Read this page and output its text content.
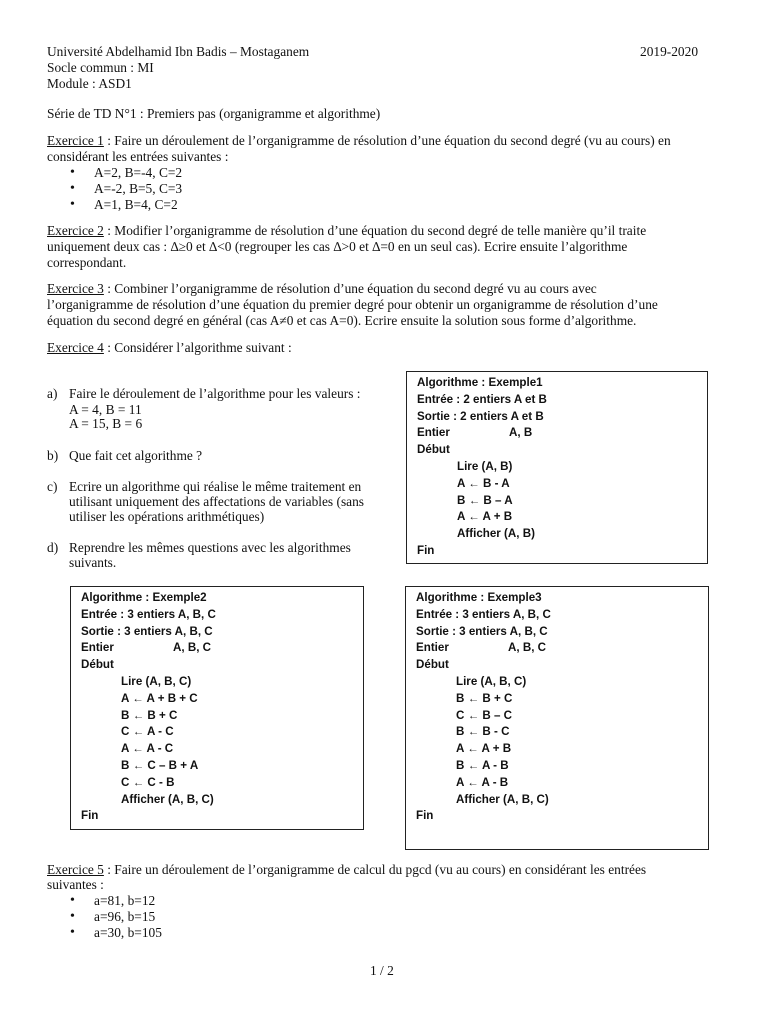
Université Abdelhamid Ibn Badis – Mostaganem	2019-2020
Socle commun : MI
Module : ASD1
Série de TD N°1 : Premiers pas (organigramme et algorithme)
Exercice 1 : Faire un déroulement de l’organigramme de résolution d’une équation du second degré (vu au cours) en
considérant les entrées suivantes :
• A=2, B=-4, C=2
• A=-2, B=5, C=3
• A=1, B=4, C=2
Exercice 2 : Modifier l’organigramme de résolution d’une équation du second degré de telle manière qu’il traite
uniquement deux cas : ∆≥0 et ∆<0 (regrouper les cas ∆>0 et ∆=0 en un seul cas). Ecrire ensuite l’algorithme
correspondant.
Exercice 3 : Combiner l’organigramme de résolution d’une équation du second degré vu au cours avec
l’organigramme de résolution d’une équation du premier degré pour obtenir un organigramme de résolution d’une
équation du second degré en général (cas A≠0 et cas A=0). Ecrire ensuite la solution sous forme d’algorithme.
Exercice 4 : Considérer l’algorithme suivant :
a) Faire le déroulement de l’algorithme pour les valeurs :
A = 4, B = 11
A = 15, B = 6
b) Que fait cet algorithme ?
c) Ecrire un algorithme qui réalise le même traitement en
utilisant uniquement des affectations de variables (sans
utiliser les opérations arithmétiques)
d) Reprendre les mêmes questions avec les algorithmes
suivants.
Algorithme : Exemple1
Entrée : 2 entiers A et B
Sortie : 2 entiers A et B
Entier	A, B
Début
Lire (A, B)
A ← B - A
B ← B – A
A ← A + B
Afficher (A, B)
Fin
Algorithme : Exemple2
Entrée : 3 entiers A, B, C
Sortie : 3 entiers A, B, C
Entier	A, B, C
Début
Lire (A, B, C)
A ← A + B + C
B ← B + C
C ← A - C
A ← A - C
B ← C – B + A
C ← C - B
Afficher (A, B, C)
Fin
Algorithme : Exemple3
Entrée : 3 entiers A, B, C
Sortie : 3 entiers A, B, C
Entier	A, B, C
Début
Lire (A, B, C)
B ← B + C
C ← B – C
B ← B - C
A ← A + B
B ← A - B
A ← A - B
Afficher (A, B, C)
Fin
Exercice 5 : Faire un déroulement de l’organigramme de calcul du pgcd (vu au cours) en considérant les entrées
suivantes :
• a=81, b=12
• a=96, b=15
• a=30, b=105
1 / 2
